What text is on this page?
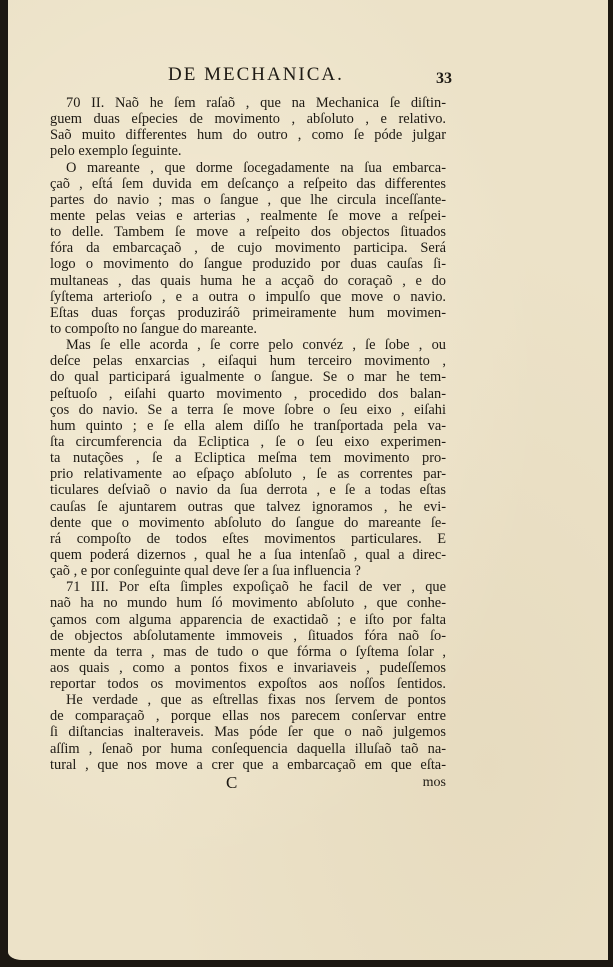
DE MECHANICA.	33
70 II. Naõ he ſem raſaõ , que na Mechanica ſe diſtin-
guem duas eſpecies de movimento , abſoluto , e relativo.
Saõ muito differentes hum do outro , como ſe póde julgar
pelo exemplo ſeguinte.
O mareante , que dorme ſocegadamente na ſua embarca-
çaõ , eſtá ſem duvida em deſcanço a reſpeito das differentes
partes do navio ; mas o ſangue , que lhe circula inceſſante-
mente pelas veias e arterias , realmente ſe move a reſpei-
to delle. Tambem ſe move a reſpeito dos objectos ſituados
fóra da embarcaçaõ , de cujo movimento participa. Será
logo o movimento do ſangue produzido por duas cauſas ſi-
multaneas , das quais huma he a acçaõ do coraçaõ , e do
ſyſtema arterioſo , e a outra o impulſo que move o navio.
Eſtas duas forças produziráõ primeiramente hum movimen-
to compoſto no ſangue do mareante.
Mas ſe elle acorda , ſe corre pelo convéz , ſe ſobe , ou
deſce pelas enxarcias , eiſaqui hum terceiro movimento ,
do qual participará igualmente o ſangue. Se o mar he tem-
peſtuoſo , eiſahi quarto movimento , procedido dos balan-
ços do navio. Se a terra ſe move ſobre o ſeu eixo , eiſahi
hum quinto ; e ſe ella alem diſſo he tranſportada pela va-
ſta circumferencia da Ecliptica , ſe o ſeu eixo experimen-
ta nutações , ſe a Ecliptica meſma tem movimento pro-
prio relativamente ao eſpaço abſoluto , ſe as correntes par-
ticulares deſviaõ o navio da ſua derrota , e ſe a todas eſtas
cauſas ſe ajuntarem outras que talvez ignoramos , he evi-
dente que o movimento abſoluto do ſangue do mareante ſe-
rá compoſto de todos eſtes movimentos particulares. E
quem poderá dizernos , qual he a ſua intenſaõ , qual a direc-
çaõ , e por conſeguinte qual deve ſer a ſua influencia ?
71 III. Por eſta ſimples expoſiçaõ he facil de ver , que
naõ ha no mundo hum ſó movimento abſoluto , que conhe-
çamos com alguma apparencia de exactidaõ ; e iſto por falta
de objectos abſolutamente immoveis , ſituados fóra naõ ſo-
mente da terra , mas de tudo o que fórma o ſyſtema ſolar ,
aos quais , como a pontos fixos e invariaveis , pudeſſemos
reportar todos os movimentos expoſtos aos noſſos ſentidos.
He verdade , que as eſtrellas fixas nos ſervem de pontos
de comparaçaõ , porque ellas nos parecem conſervar entre
ſi diſtancias inalteraveis. Mas póde ſer que o naõ julgemos
aſſim , ſenaõ por huma conſequencia daquella illuſaõ taõ na-
tural , que nos move a crer que a embarcaçaõ em que eſta-
C	mos
